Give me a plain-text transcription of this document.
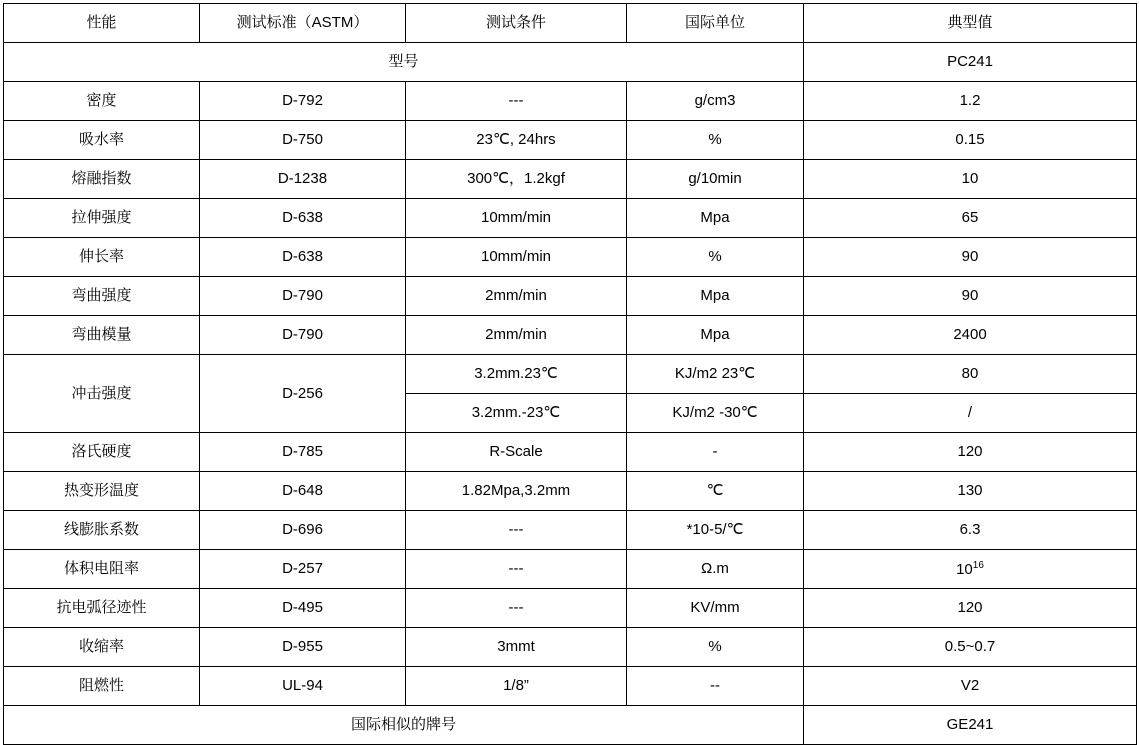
性能	测试标准（ASTM）	测试条件	国际单位	典型值
型号				PC241
密度	D-792	---	g/cm3	1.2
吸水率	D-750	23℃, 24hrs	%	0.15
熔融指数	D-1238	300℃，1.2kgf	g/10min	10
拉伸强度	D-638	10mm/min	Mpa	65
伸长率	D-638	10mm/min	%	90
弯曲强度	D-790	2mm/min	Mpa	90
弯曲模量	D-790	2mm/min	Mpa	2400
冲击强度	D-256	3.2mm.23℃	KJ/m2 23℃	80
		3.2mm.-23℃	KJ/m2 -30℃	/
洛氏硬度	D-785	R-Scale	-	120
热变形温度	D-648	1.82Mpa,3.2mm	℃	130
线膨胀系数	D-696	---	*10-5/℃	6.3
体积电阻率	D-257	---	Ω.m	$10^{16}$
抗电弧径迹性	D-495	---	KV/mm	120
收缩率	D-955	3mmt	%	0.5~0.7
阻燃性	UL-94	1/8”	--	V2
国际相似的牌号				GE241
